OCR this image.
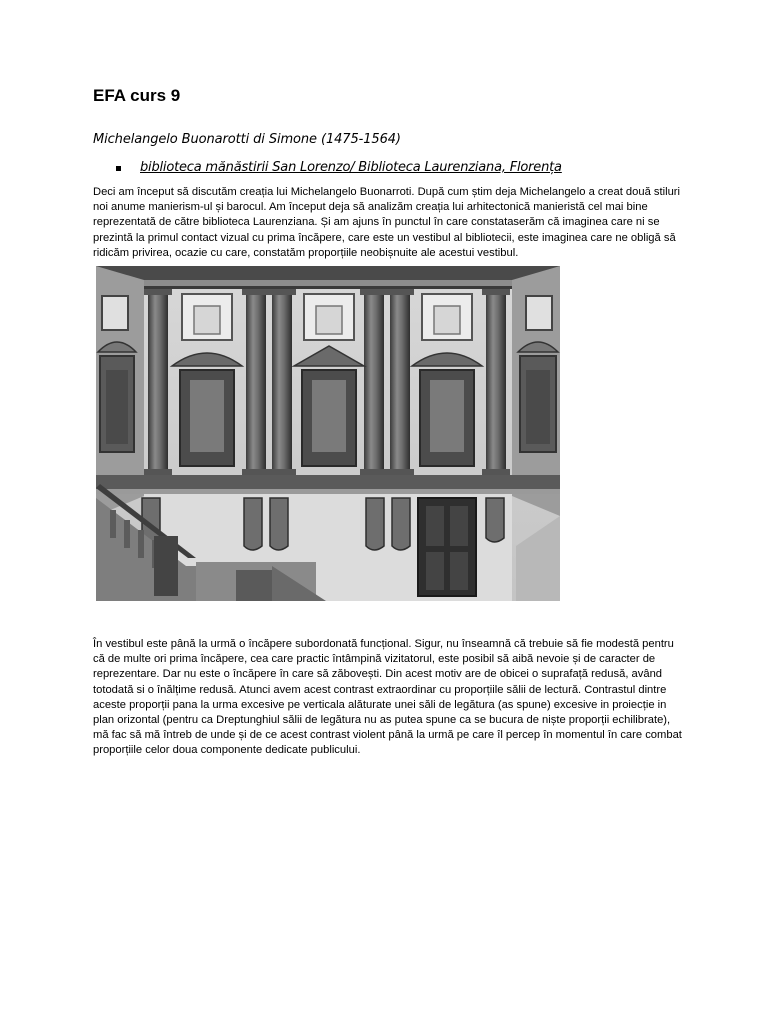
EFA curs 9

Michelangelo Buonarotti di Simone (1475-1564)

biblioteca mănăstirii San Lorenzo/ Biblioteca Laurenziana, Florența

Deci am început să discutăm creația lui Michelangelo Buonarroti. După cum știm deja Michelangelo a creat două stiluri noi anume manierism-ul și barocul. Am început deja să analizăm creația lui arhitectonică manieristă cel mai bine reprezentată de către biblioteca Laurenziana. Și am ajuns în punctul în care constataserăm că imaginea care ni se prezintă la primul contact vizual cu prima încăpere, care este un vestibul al bibliotecii, este imaginea care ne obligă să ridicăm privirea, ocazie cu care, constatăm proporțiile neobișnuite ale acestui vestibul.

În vestibul este până la urmă o încăpere subordonată funcțional. Sigur, nu înseamnă că trebuie să fie modestă pentru că de multe ori prima încăpere, cea care practic întâmpină vizitatorul, este posibil să aibă nevoie și de caracter de reprezentare. Dar nu este o încăpere în care să zăbovești. Din acest motiv are de obicei o suprafață redusă, având totodată si o înălțime redusă. Atunci avem acest contrast extraordinar cu proporțiile sălii de lectură. Contrastul dintre aceste proporții pana la urma excesive pe verticala alăturate unei săli de legătura (as spune) excesive in proiecție in plan orizontal (pentru ca Dreptunghiul sălii de legătura nu as putea spune ca se bucura de niște proporții echilibrate), mă fac să mă întreb de unde și de ce acest contrast violent până la urmă pe care îl percep în momentul în care combat proporțiile celor doua componente dedicate publicului.
